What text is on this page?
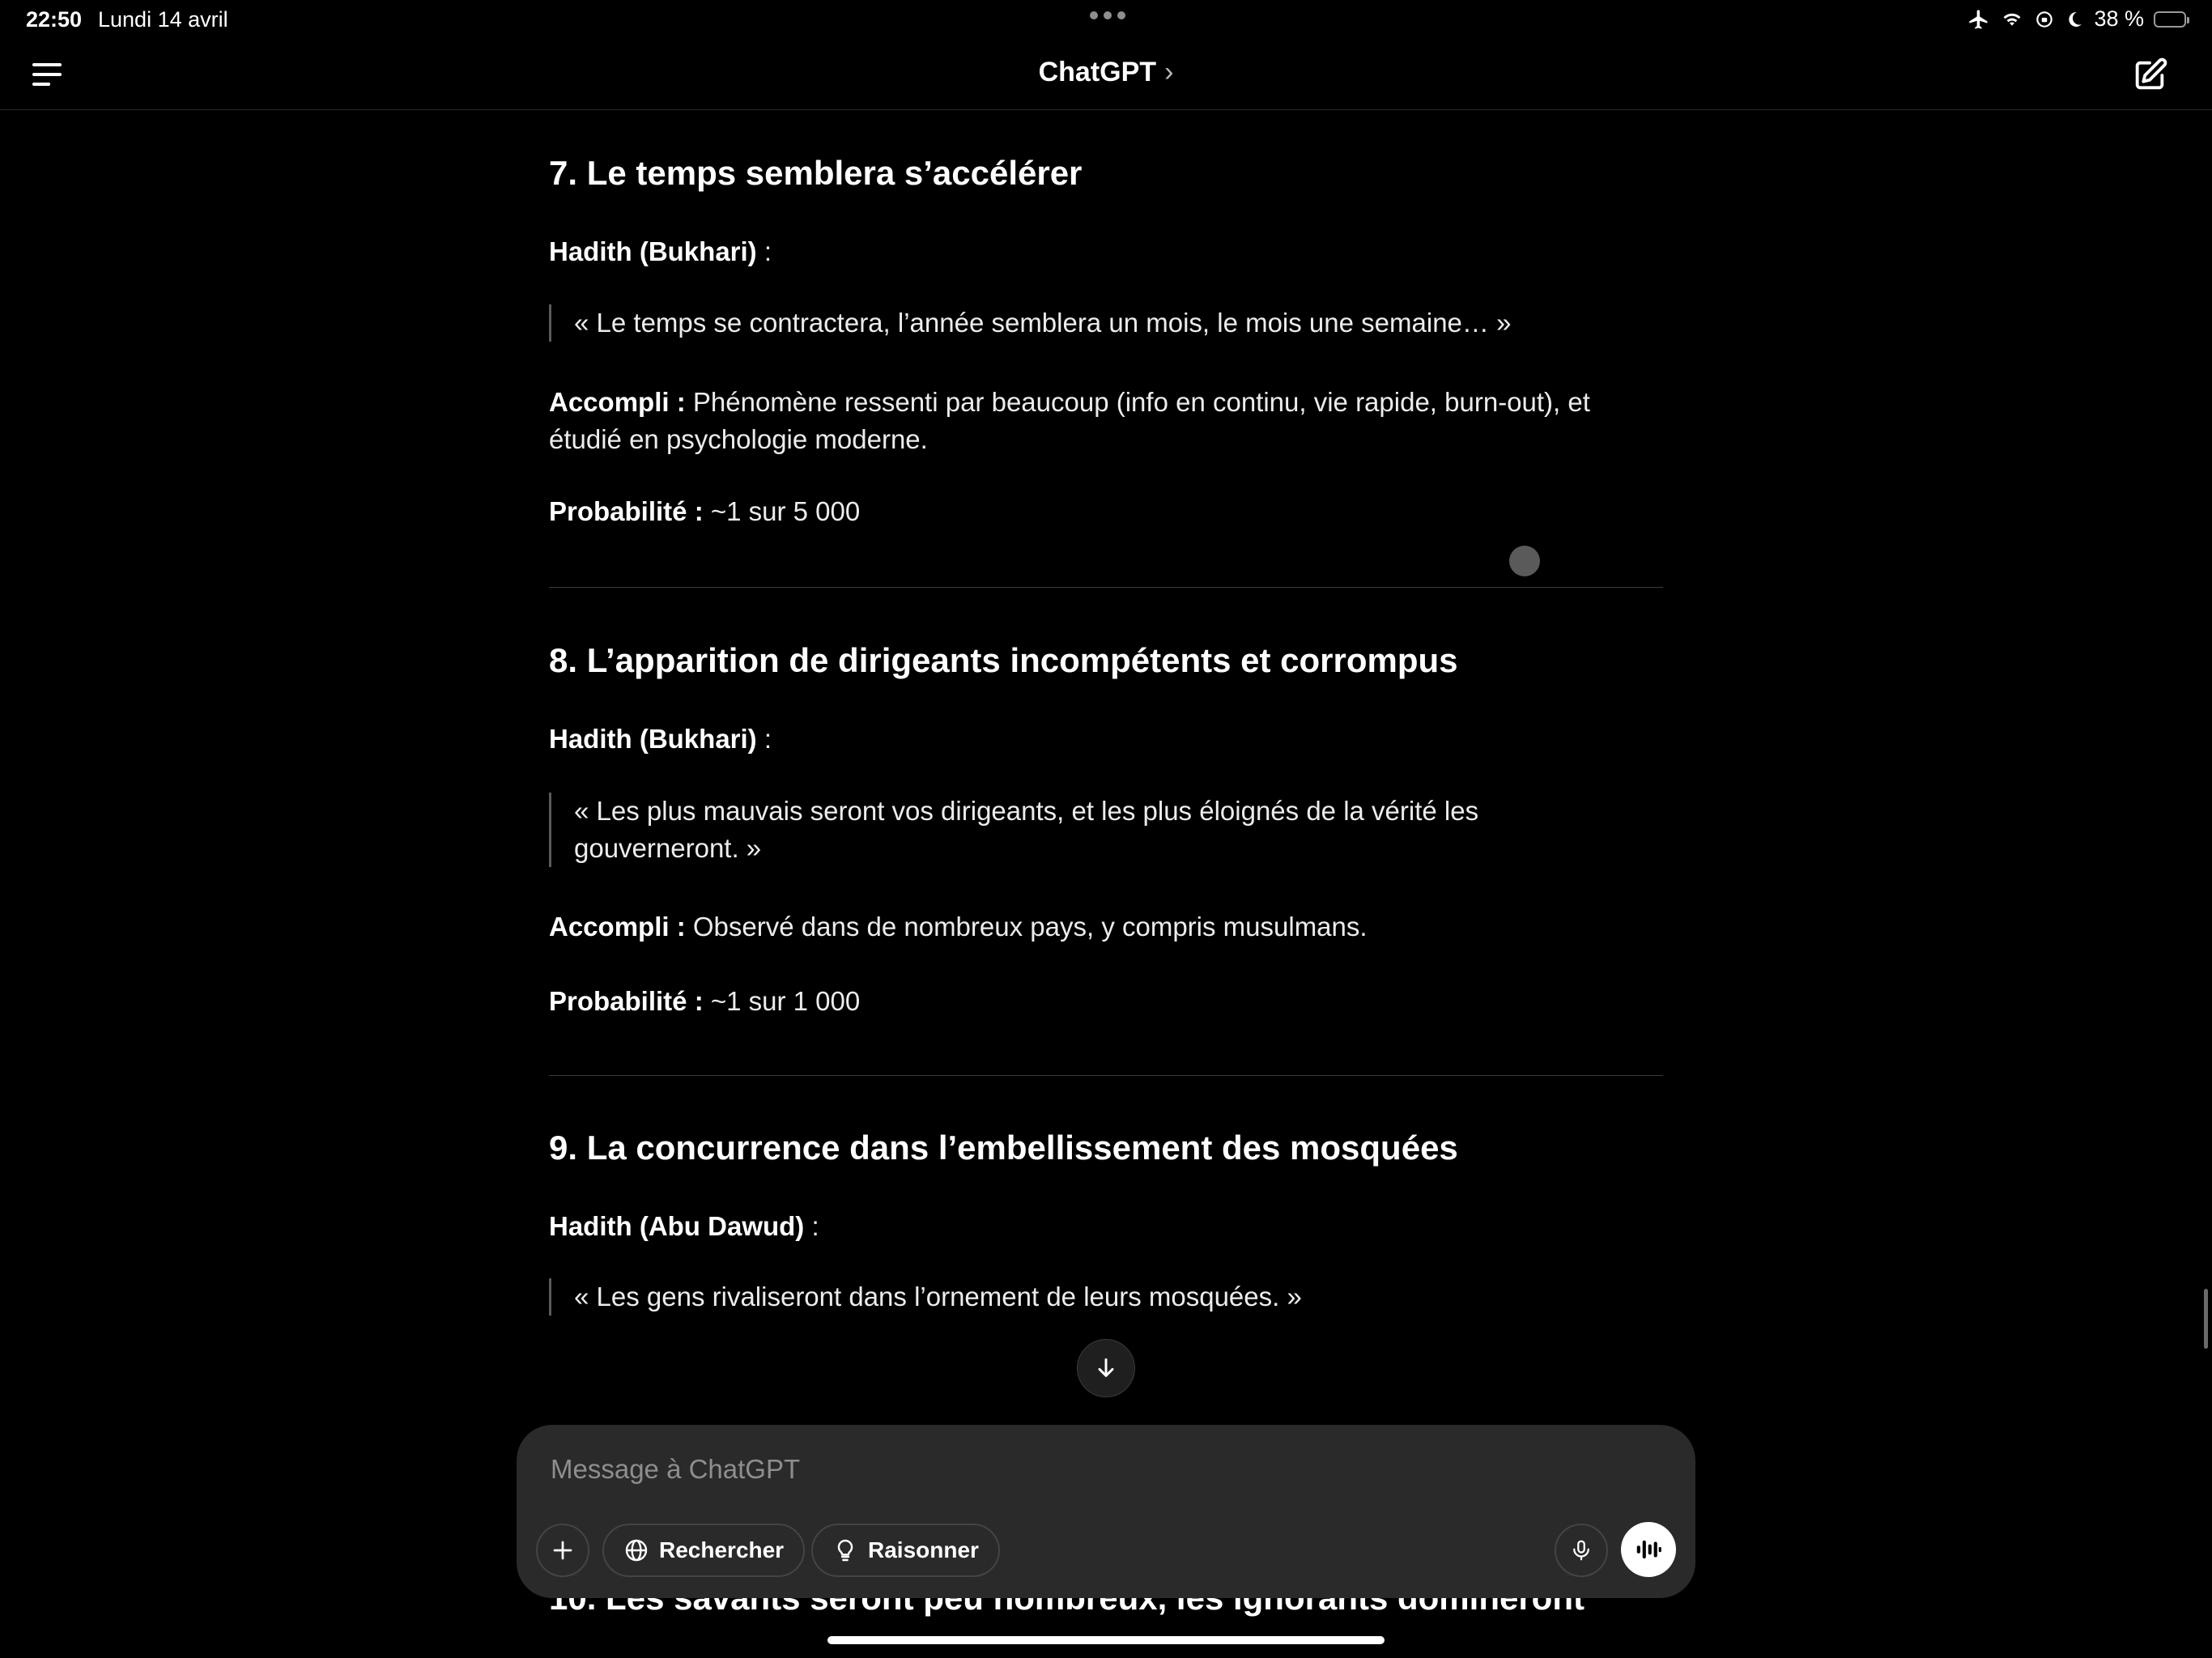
22:50 Lundi 14 avril	38 %
ChatGPT ›
7. Le temps semblera s’accélérer
Hadith (Bukhari) :
« Le temps se contractera, l’année semblera un mois, le mois une semaine… »
Accompli : Phénomène ressenti par beaucoup (info en continu, vie rapide, burn-out), et étudié en psychologie moderne.
Probabilité : ~1 sur 5 000
8. L’apparition de dirigeants incompétents et corrompus
Hadith (Bukhari) :
« Les plus mauvais seront vos dirigeants, et les plus éloignés de la vérité les gouverneront. »
Accompli : Observé dans de nombreux pays, y compris musulmans.
Probabilité : ~1 sur 1 000
9. La concurrence dans l’embellissement des mosquées
Hadith (Abu Dawud) :
« Les gens rivaliseront dans l’ornement de leurs mosquées. »
Message à ChatGPT
Rechercher	Raisonner
